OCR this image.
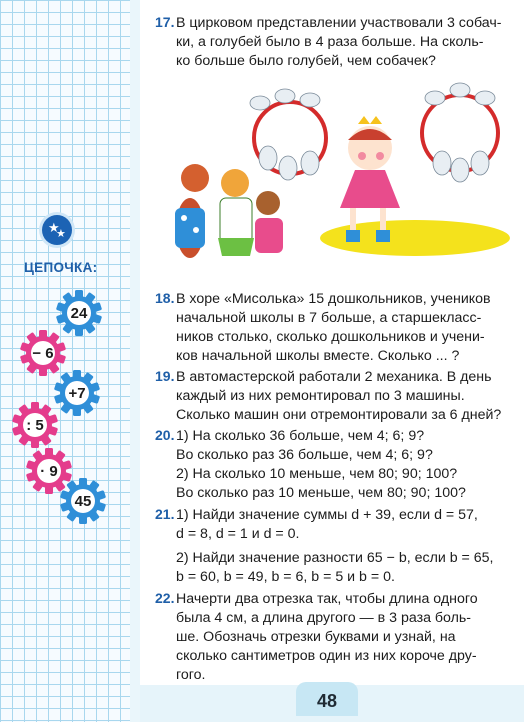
★
★
ЦЕПОЧКА:
24
− 6
+7
: 5
· 9
45
17. В цирковом представлении участвовали 3 собач-

ки, а голубей было в 4 раза больше. На сколь-

ко больше было голубей, чем собачек?

18. В хоре «Мисолька» 15 дошкольников, учеников

начальной школы в 7 больше, а старшекласс-

ников столько, сколько дошкольников и учени-

ков начальной школы вместе. Сколько ... ?

19. В автомастерской работали 2 механика. В день

каждый из них ремонтировал по 3 машины.

Сколько машин они отремонтировали за 6 дней?

20. 1) На сколько 36 больше, чем 4; 6; 9?

Во сколько раз 36 больше, чем 4; 6; 9?

2) На сколько 10 меньше, чем 80; 90; 100?

Во сколько раз 10 меньше, чем 80; 90; 100?

21. 1) Найди значение суммы d + 39, если d = 57,

d = 8, d = 1 и d = 0.

2) Найди значение разности 65 − b, если b = 65,

b = 60, b = 49, b = 6, b = 5 и b = 0.

22. Начерти два отрезка так, чтобы длина одного

была 4 см, а длина другого — в 3 раза боль-

ше. Обозначь отрезки буквами и узнай, на

сколько сантиметров один из них короче дру-

гого.

48
